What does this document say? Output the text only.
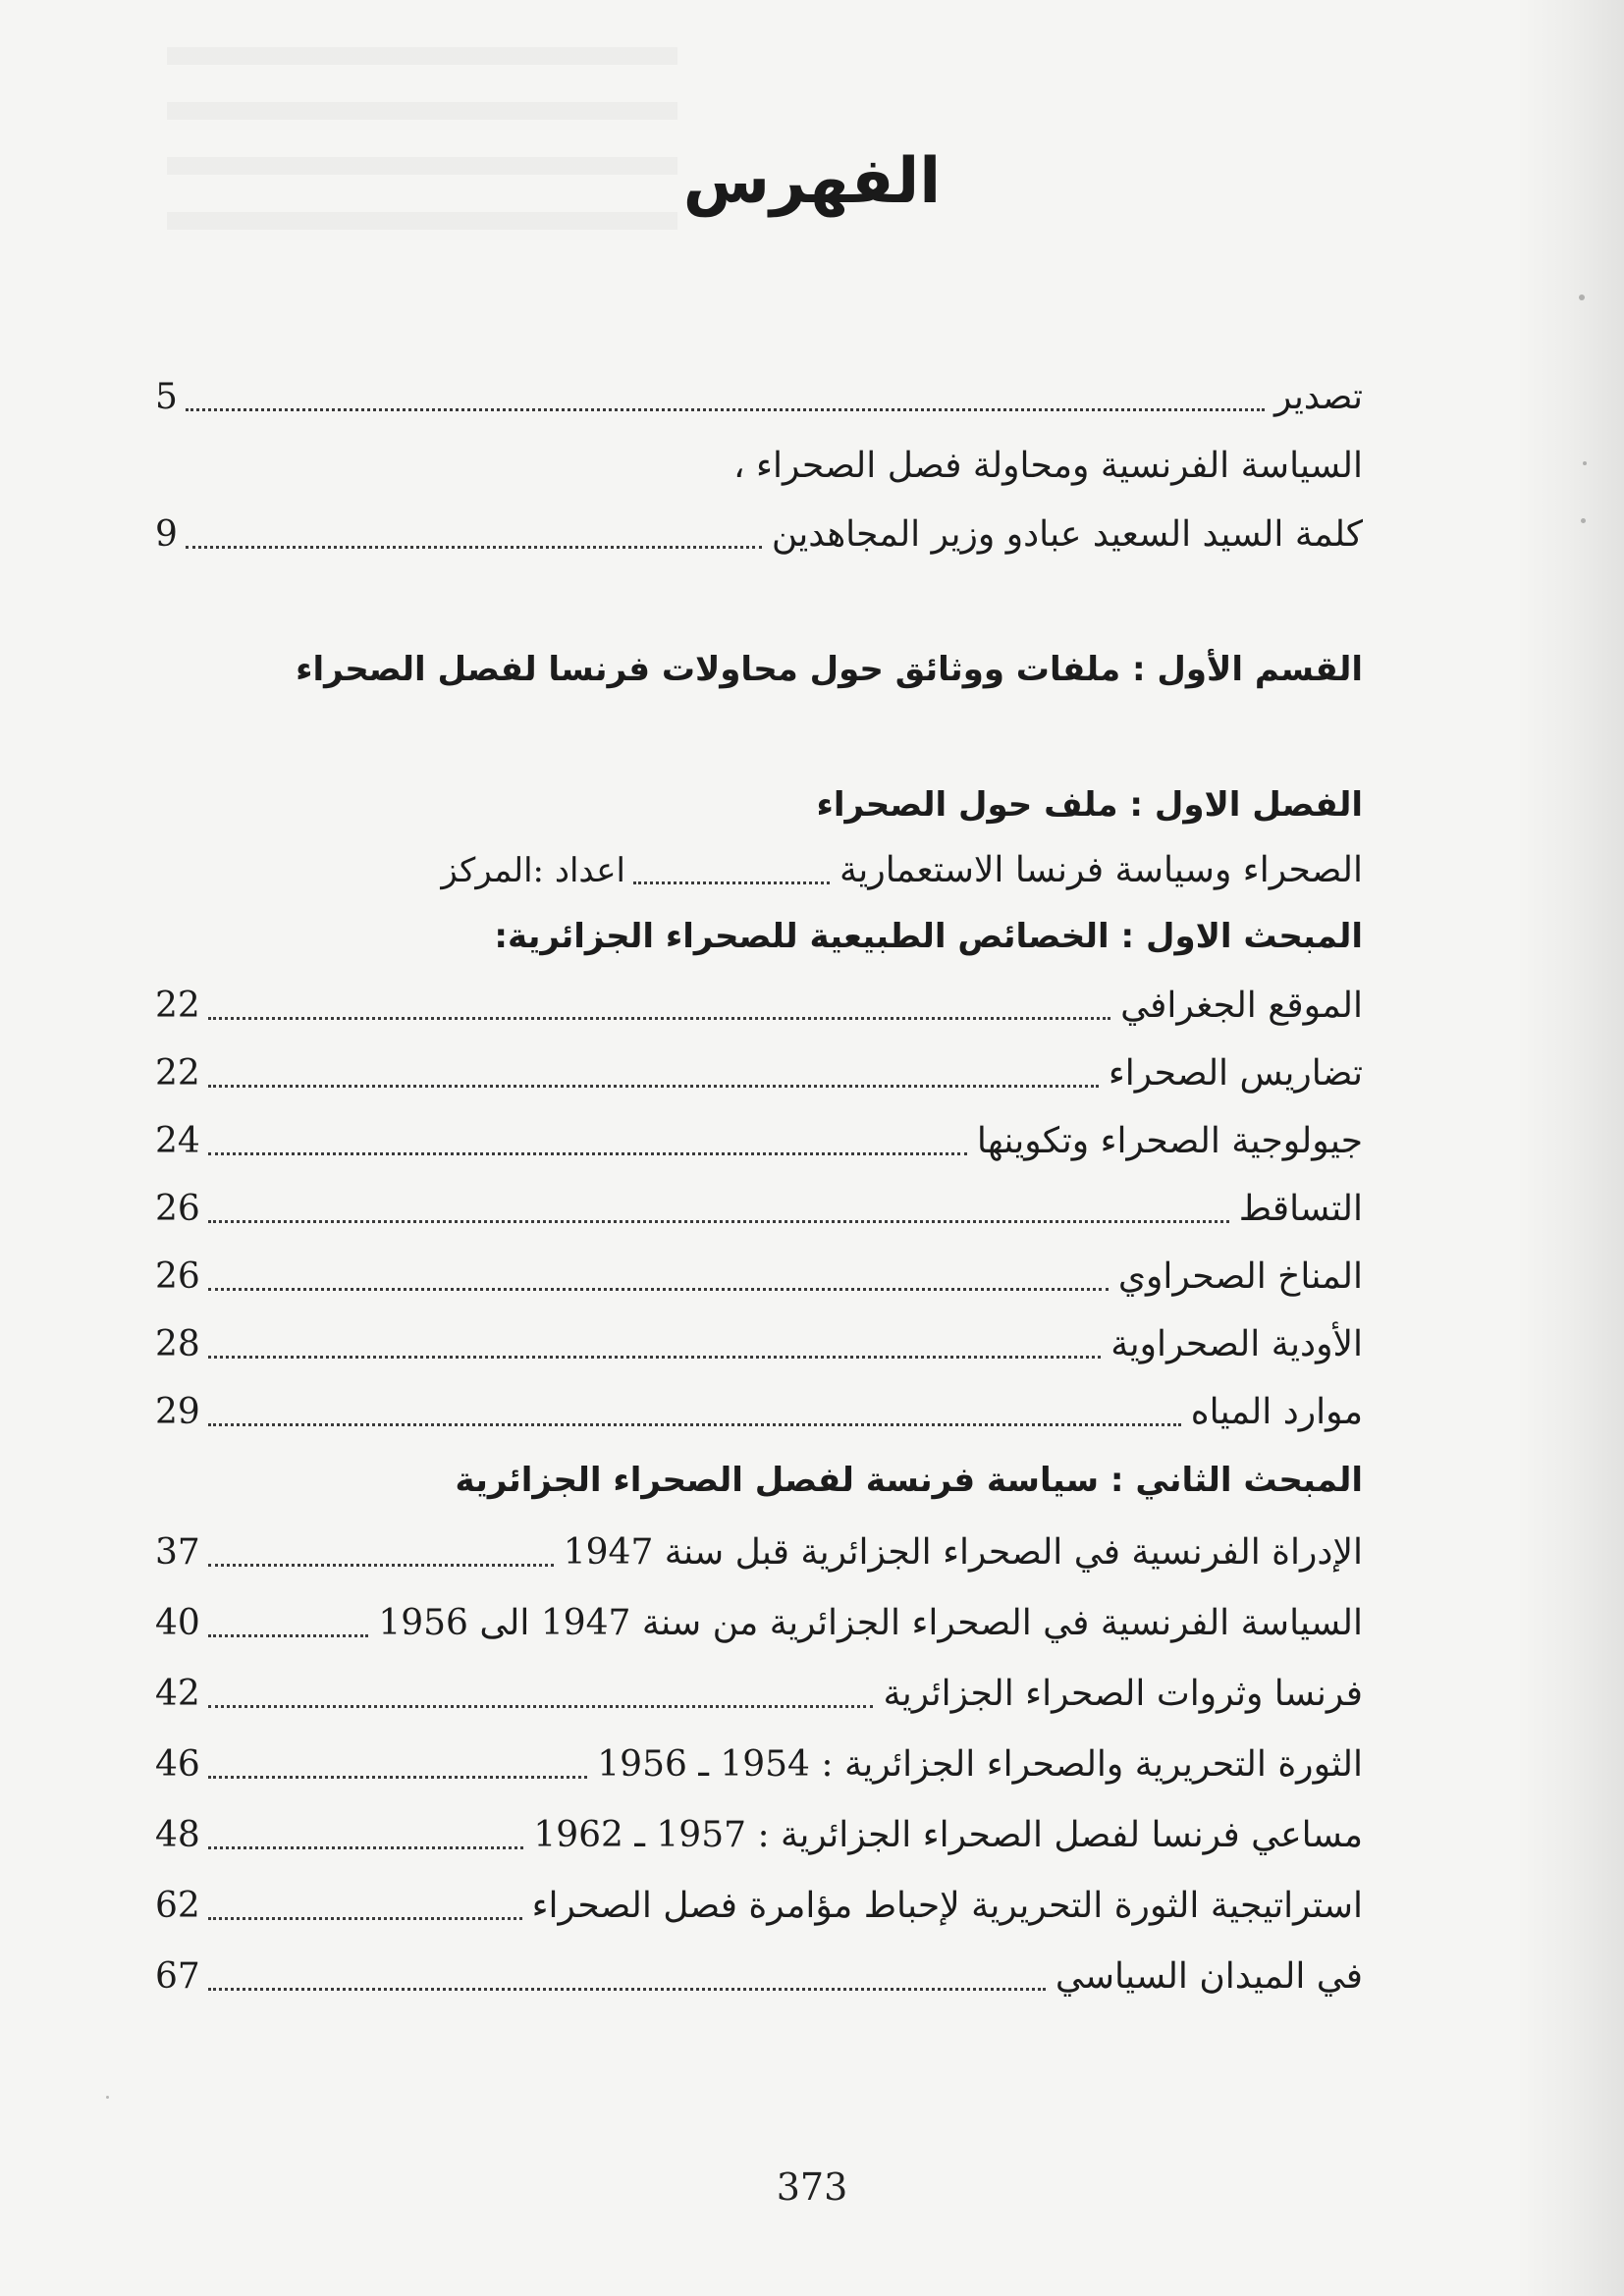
الفهرس
تصدير
5
السياسة الفرنسية ومحاولة فصل الصحراء ،
كلمة السيد السعيد عبادو وزير المجاهدين
9
القسم الأول : ملفات ووثائق حول محاولات فرنسا لفصل الصحراء
الفصل الاول : ملف حول الصحراء
الصحراء وسياسة فرنسا الاستعمارية
اعداد :المركز
المبحث الاول : الخصائص الطبيعية للصحراء الجزائرية:
الموقع الجغرافي
22
تضاريس الصحراء
22
جيولوجية الصحراء وتكوينها
24
التساقط
26
المناخ الصحراوي
26
الأودية الصحراوية
28
موارد المياه
29
المبحث الثاني : سياسة فرنسة لفصل الصحراء الجزائرية
الإدراة الفرنسية في الصحراء الجزائرية قبل سنة 1947
37
السياسة الفرنسية في الصحراء الجزائرية من سنة 1947 الى 1956
40
فرنسا وثروات الصحراء الجزائرية
42
الثورة التحريرية والصحراء الجزائرية : 1954 ـ 1956
46
مساعي فرنسا لفصل الصحراء الجزائرية : 1957 ـ 1962
48
استراتيجية الثورة التحريرية لإحباط مؤامرة فصل الصحراء
62
في الميدان السياسي
67
373
